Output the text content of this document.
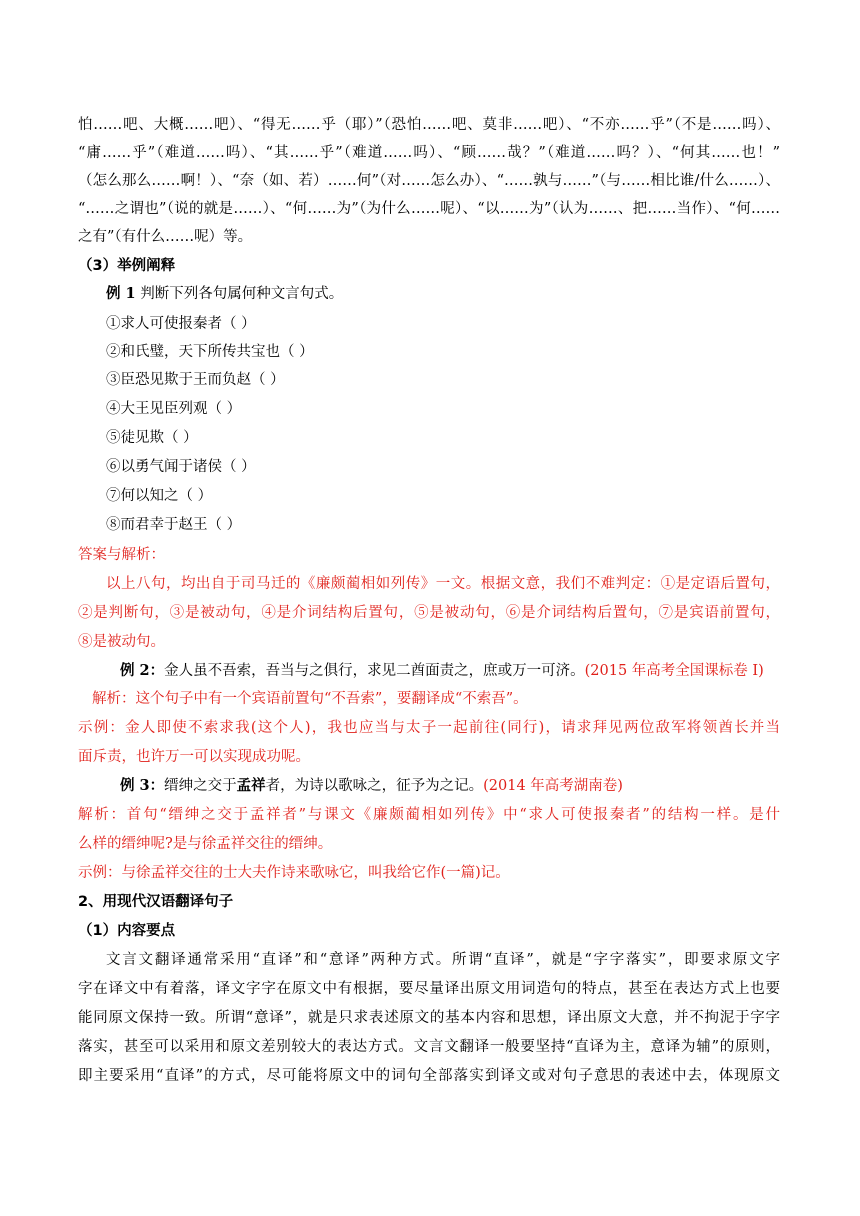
怕……吧、大概……吧）、“得无……乎（耶）”（恐怕……吧、莫非……吧）、“不亦……乎”（不是……吗）、
“庸……乎”（难道……吗）、“其……乎”（难道……吗）、“顾……哉？”（难道……吗？）、“何其……也！”
（怎么那么……啊！）、“奈（如、若）……何”（对……怎么办）、“……孰与……”（与……相比谁/什么……）、
“……之谓也”（说的就是……）、“何……为”（为什么……呢）、“以……为”（认为……、把……当作）、“何……
之有”（有什么……呢）等。
（3）举例阐释
例 1 判断下列各句属何种文言句式。
①求人可使报秦者（ ）
②和氏璧，天下所传共宝也（ ）
③臣恐见欺于王而负赵（ ）
④大王见臣列观（ ）
⑤徒见欺（ ）
⑥以勇气闻于诸侯（ ）
⑦何以知之（ ）
⑧而君幸于赵王（ ）
答案与解析：
以上八句，均出自于司马迁的《廉颇蔺相如列传》一文。根据文意，我们不难判定：①是定语后置句，
②是判断句，③是被动句，④是介词结构后置句，⑤是被动句，⑥是介词结构后置句，⑦是宾语前置句，
⑧是被动句。
例 2：金人虽不吾索，吾当与之俱行，求见二酋面责之，庶或万一可济。(2015 年高考全国课标卷 I)
解析：这个句子中有一个宾语前置句“不吾索”，要翻译成“不索吾”。
示例：金人即使不索求我(这个人)，我也应当与太子一起前往(同行)，请求拜见两位敌军将领酋长并当
面斥责，也许万一可以实现成功呢。
例 3：缙绅之交于孟祥者，为诗以歌咏之，征予为之记。(2014 年高考湖南卷)
解析：首句“缙绅之交于孟祥者”与课文《廉颇蔺相如列传》中“求人可使报秦者”的结构一样。是什
么样的缙绅呢?是与徐孟祥交往的缙绅。
示例：与徐孟祥交往的士大夫作诗来歌咏它，叫我给它作(一篇)记。
2、用现代汉语翻译句子
（1）内容要点
文言文翻译通常采用“直译”和“意译”两种方式。所谓“直译”，就是“字字落实”，即要求原文字
字在译文中有着落，译文字字在原文中有根据，要尽量译出原文用词造句的特点，甚至在表达方式上也要
能同原文保持一致。所谓“意译”，就是只求表述原文的基本内容和思想，译出原文大意，并不拘泥于字字
落实，甚至可以采用和原文差别较大的表达方式。文言文翻译一般要坚持“直译为主，意译为辅”的原则，
即主要采用“直译”的方式，尽可能将原文中的词句全部落实到译文或对句子意思的表述中去，体现原文
